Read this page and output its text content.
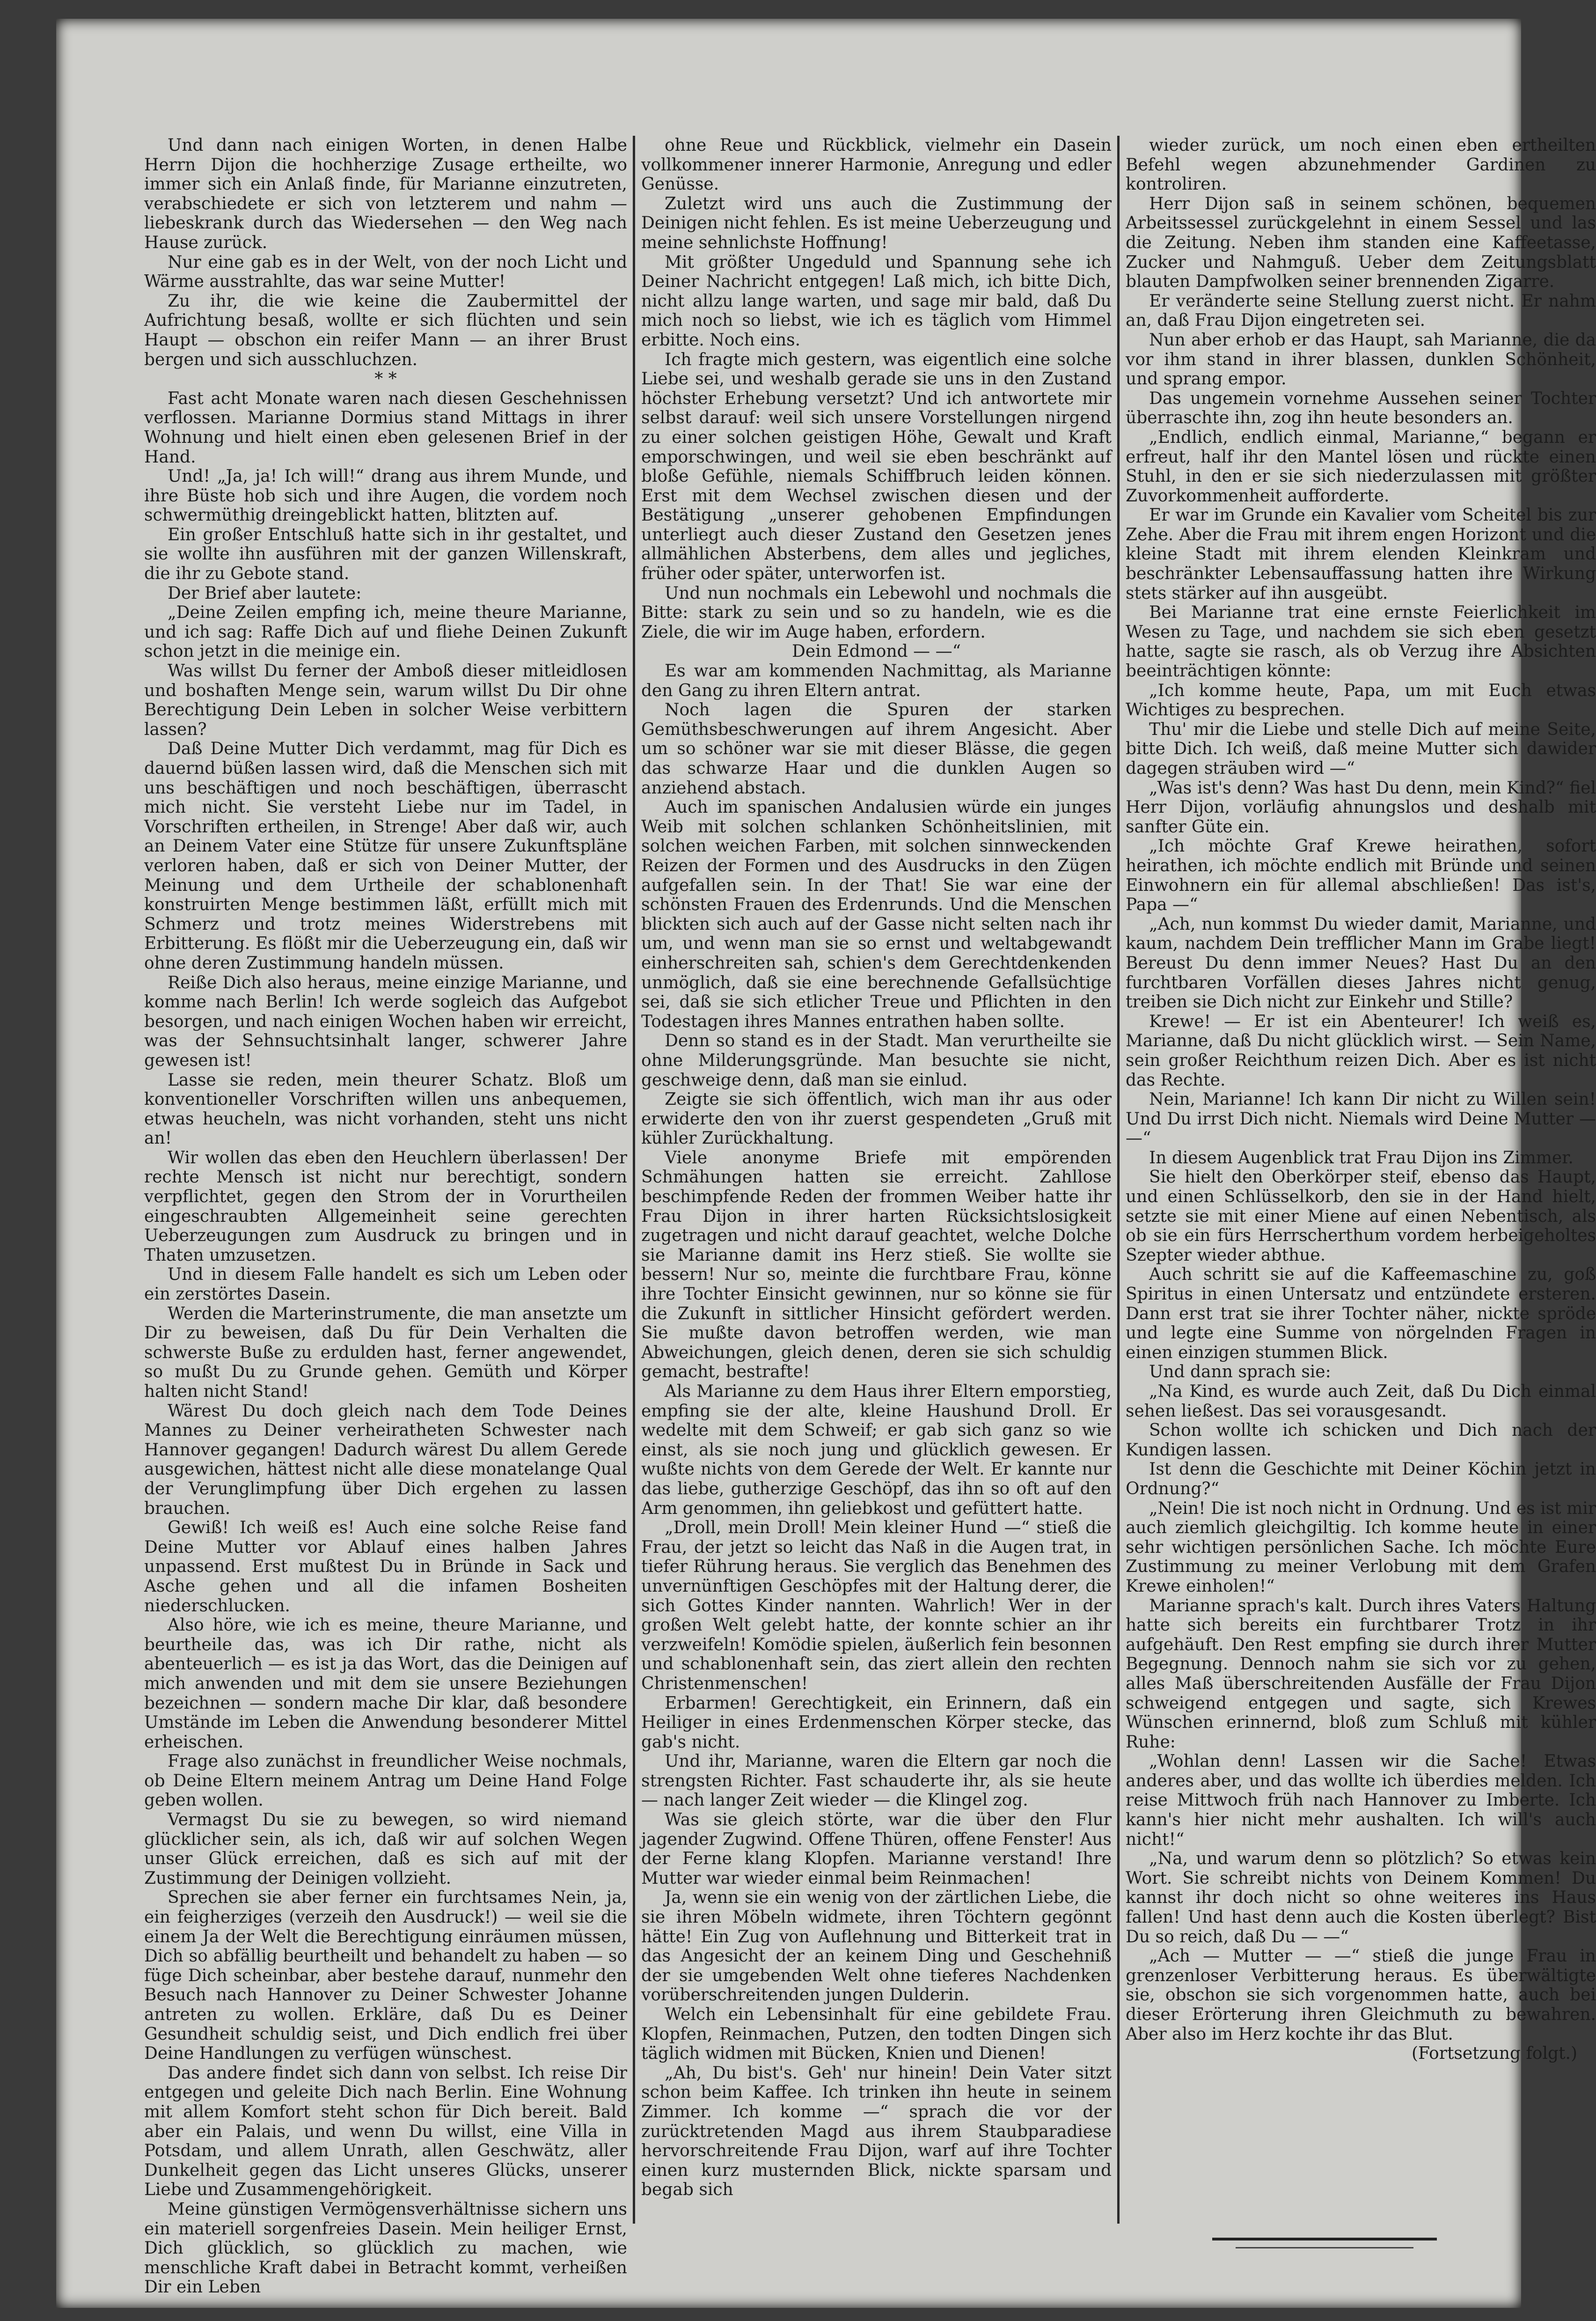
Und dann nach einigen Worten, in denen Halbe Herrn Dijon die hochherzige Zusage ertheilte, wo immer sich ein Anlaß finde, für Marianne einzutreten, verabschiedete er sich von letzterem und nahm — liebeskrank durch das Wiedersehen — den Weg nach Hause zurück.

Nur eine gab es in der Welt, von der noch Licht und Wärme ausstrahlte, das war seine Mutter!

Zu ihr, die wie keine die Zaubermittel der Aufrichtung besaß, wollte er sich flüchten und sein Haupt — obschon ein reifer Mann — an ihrer Brust bergen und sich ausschluchzen.

* *

Fast acht Monate waren nach diesen Geschehnissen verflossen. Marianne Dormius stand Mittags in ihrer Wohnung und hielt einen eben gelesenen Brief in der Hand.

Und! „Ja, ja! Ich will!“ drang aus ihrem Munde, und ihre Büste hob sich und ihre Augen, die vordem noch schwermüthig dreingeblickt hatten, blitzten auf.

Ein großer Entschluß hatte sich in ihr gestaltet, und sie wollte ihn ausführen mit der ganzen Willenskraft, die ihr zu Gebote stand.

Der Brief aber lautete:

„Deine Zeilen empfing ich, meine theure Marianne, und ich sag: Raffe Dich auf und fliehe Deinen Zukunft schon jetzt in die meinige ein.

Was willst Du ferner der Amboß dieser mitleidlosen und boshaften Menge sein, warum willst Du Dir ohne Berechtigung Dein Leben in solcher Weise verbittern lassen?

Daß Deine Mutter Dich verdammt, mag für Dich es dauernd büßen lassen wird, daß die Menschen sich mit uns beschäftigen und noch beschäftigen, überrascht mich nicht. Sie versteht Liebe nur im Tadel, in Vorschriften ertheilen, in Strenge! Aber daß wir, auch an Deinem Vater eine Stütze für unsere Zukunftspläne verloren haben, daß er sich von Deiner Mutter, der Meinung und dem Urtheile der schablonenhaft konstruirten Menge bestimmen läßt, erfüllt mich mit Schmerz und trotz meines Widerstrebens mit Erbitterung. Es flößt mir die Ueberzeugung ein, daß wir ohne deren Zustimmung handeln müssen.

Reiße Dich also heraus, meine einzige Marianne, und komme nach Berlin! Ich werde sogleich das Aufgebot besorgen, und nach einigen Wochen haben wir erreicht, was der Sehnsuchtsinhalt langer, schwerer Jahre gewesen ist!

Lasse sie reden, mein theurer Schatz. Bloß um konventioneller Vorschriften willen uns anbequemen, etwas heucheln, was nicht vorhanden, steht uns nicht an!

Wir wollen das eben den Heuchlern überlassen! Der rechte Mensch ist nicht nur berechtigt, sondern verpflichtet, gegen den Strom der in Vorurtheilen eingeschraubten Allgemeinheit seine gerechten Ueberzeugungen zum Ausdruck zu bringen und in Thaten umzusetzen.

Und in diesem Falle handelt es sich um Leben oder ein zerstörtes Dasein.

Werden die Marterinstrumente, die man ansetzte um Dir zu beweisen, daß Du für Dein Verhalten die schwerste Buße zu erdulden hast, ferner angewendet, so mußt Du zu Grunde gehen. Gemüth und Körper halten nicht Stand!

Wärest Du doch gleich nach dem Tode Deines Mannes zu Deiner verheiratheten Schwester nach Hannover gegangen! Dadurch wärest Du allem Gerede ausgewichen, hättest nicht alle diese monatelange Qual der Verunglimpfung über Dich ergehen zu lassen brauchen.

Gewiß! Ich weiß es! Auch eine solche Reise fand Deine Mutter vor Ablauf eines halben Jahres unpassend. Erst mußtest Du in Bründe in Sack und Asche gehen und all die infamen Bosheiten niederschlucken.

Also höre, wie ich es meine, theure Marianne, und beurtheile das, was ich Dir rathe, nicht als abenteuerlich — es ist ja das Wort, das die Deinigen auf mich anwenden und mit dem sie unsere Beziehungen bezeichnen — sondern mache Dir klar, daß besondere Umstände im Leben die Anwendung besonderer Mittel erheischen.

Frage also zunächst in freundlicher Weise nochmals, ob Deine Eltern meinem Antrag um Deine Hand Folge geben wollen.

Vermagst Du sie zu bewegen, so wird niemand glücklicher sein, als ich, daß wir auf solchen Wegen unser Glück erreichen, daß es sich auf mit der Zustimmung der Deinigen vollzieht.

Sprechen sie aber ferner ein furchtsames Nein, ja, ein feigherziges (verzeih den Ausdruck!) — weil sie die einem Ja der Welt die Berechtigung einräumen müssen, Dich so abfällig beurtheilt und behandelt zu haben — so füge Dich scheinbar, aber bestehe darauf, nunmehr den Besuch nach Hannover zu Deiner Schwester Johanne antreten zu wollen. Erkläre, daß Du es Deiner Gesundheit schuldig seist, und Dich endlich frei über Deine Handlungen zu verfügen wünschest.

Das andere findet sich dann von selbst. Ich reise Dir entgegen und geleite Dich nach Berlin. Eine Wohnung mit allem Komfort steht schon für Dich bereit. Bald aber ein Palais, und wenn Du willst, eine Villa in Potsdam, und allem Unrath, allen Geschwätz, aller Dunkelheit gegen das Licht unseres Glücks, unserer Liebe und Zusammengehörigkeit.

Meine günstigen Vermögensverhältnisse sichern uns ein materiell sorgenfreies Dasein. Mein heiliger Ernst, Dich glücklich, so glücklich zu machen, wie menschliche Kraft dabei in Betracht kommt, verheißen Dir ein Leben

ohne Reue und Rückblick, vielmehr ein Dasein vollkommener innerer Harmonie, Anregung und edler Genüsse.

Zuletzt wird uns auch die Zustimmung der Deinigen nicht fehlen. Es ist meine Ueberzeugung und meine sehnlichste Hoffnung!

Mit größter Ungeduld und Spannung sehe ich Deiner Nachricht entgegen! Laß mich, ich bitte Dich, nicht allzu lange warten, und sage mir bald, daß Du mich noch so liebst, wie ich es täglich vom Himmel erbitte. Noch eins.

Ich fragte mich gestern, was eigentlich eine solche Liebe sei, und weshalb gerade sie uns in den Zustand höchster Erhebung versetzt? Und ich antwortete mir selbst darauf: weil sich unsere Vorstellungen nirgend zu einer solchen geistigen Höhe, Gewalt und Kraft emporschwingen, und weil sie eben beschränkt auf bloße Gefühle, niemals Schiffbruch leiden können. Erst mit dem Wechsel zwischen diesen und der Bestätigung „unserer gehobenen Empfindungen unterliegt auch dieser Zustand den Gesetzen jenes allmählichen Absterbens, dem alles und jegliches, früher oder später, unterworfen ist.

Und nun nochmals ein Lebewohl und nochmals die Bitte: stark zu sein und so zu handeln, wie es die Ziele, die wir im Auge haben, erfordern.

Dein Edmond — —“

Es war am kommenden Nachmittag, als Marianne den Gang zu ihren Eltern antrat.

Noch lagen die Spuren der starken Gemüthsbeschwerungen auf ihrem Angesicht. Aber um so schöner war sie mit dieser Blässe, die gegen das schwarze Haar und die dunklen Augen so anziehend abstach.

Auch im spanischen Andalusien würde ein junges Weib mit solchen schlanken Schönheitslinien, mit solchen weichen Farben, mit solchen sinnweckenden Reizen der Formen und des Ausdrucks in den Zügen aufgefallen sein. In der That! Sie war eine der schönsten Frauen des Erdenrunds. Und die Menschen blickten sich auch auf der Gasse nicht selten nach ihr um, und wenn man sie so ernst und weltabgewandt einherschreiten sah, schien's dem Gerechtdenkenden unmöglich, daß sie eine berechnende Gefallsüchtige sei, daß sie sich etlicher Treue und Pflichten in den Todestagen ihres Mannes entrathen haben sollte.

Denn so stand es in der Stadt. Man verurtheilte sie ohne Milderungsgründe. Man besuchte sie nicht, geschweige denn, daß man sie einlud.

Zeigte sie sich öffentlich, wich man ihr aus oder erwiderte den von ihr zuerst gespendeten „Gruß mit kühler Zurückhaltung.

Viele anonyme Briefe mit empörenden Schmähungen hatten sie erreicht. Zahllose beschimpfende Reden der frommen Weiber hatte ihr Frau Dijon in ihrer harten Rücksichtslosigkeit zugetragen und nicht darauf geachtet, welche Dolche sie Marianne damit ins Herz stieß. Sie wollte sie bessern! Nur so, meinte die furchtbare Frau, könne ihre Tochter Einsicht gewinnen, nur so könne sie für die Zukunft in sittlicher Hinsicht gefördert werden. Sie mußte davon betroffen werden, wie man Abweichungen, gleich denen, deren sie sich schuldig gemacht, bestrafte!

Als Marianne zu dem Haus ihrer Eltern emporstieg, empfing sie der alte, kleine Haushund Droll. Er wedelte mit dem Schweif; er gab sich ganz so wie einst, als sie noch jung und glücklich gewesen. Er wußte nichts von dem Gerede der Welt. Er kannte nur das liebe, gutherzige Geschöpf, das ihn so oft auf den Arm genommen, ihn geliebkost und gefüttert hatte.

„Droll, mein Droll! Mein kleiner Hund —“ stieß die Frau, der jetzt so leicht das Naß in die Augen trat, in tiefer Rührung heraus. Sie verglich das Benehmen des unvernünftigen Geschöpfes mit der Haltung derer, die sich Gottes Kinder nannten. Wahrlich! Wer in der großen Welt gelebt hatte, der konnte schier an ihr verzweifeln! Komödie spielen, äußerlich fein besonnen und schablonenhaft sein, das ziert allein den rechten Christenmenschen!

Erbarmen! Gerechtigkeit, ein Erinnern, daß ein Heiliger in eines Erdenmenschen Körper stecke, das gab's nicht.

Und ihr, Marianne, waren die Eltern gar noch die strengsten Richter. Fast schauderte ihr, als sie heute — nach langer Zeit wieder — die Klingel zog.

Was sie gleich störte, war die über den Flur jagender Zugwind. Offene Thüren, offene Fenster! Aus der Ferne klang Klopfen. Marianne verstand! Ihre Mutter war wieder einmal beim Reinmachen!

Ja, wenn sie ein wenig von der zärtlichen Liebe, die sie ihren Möbeln widmete, ihren Töchtern gegönnt hätte! Ein Zug von Auflehnung und Bitterkeit trat in das Angesicht der an keinem Ding und Geschehniß der sie umgebenden Welt ohne tieferes Nachdenken vorüberschreitenden jungen Dulderin.

Welch ein Lebensinhalt für eine gebildete Frau. Klopfen, Reinmachen, Putzen, den todten Dingen sich täglich widmen mit Bücken, Knien und Dienen!

„Ah, Du bist's. Geh' nur hinein! Dein Vater sitzt schon beim Kaffee. Ich trinken ihn heute in seinem Zimmer. Ich komme —“ sprach die vor der zurücktretenden Magd aus ihrem Staubparadiese hervorschreitende Frau Dijon, warf auf ihre Tochter einen kurz musternden Blick, nickte sparsam und begab sich

wieder zurück, um noch einen eben ertheilten Befehl wegen abzunehmender Gardinen zu kontroliren.

Herr Dijon saß in seinem schönen, bequemen Arbeitssessel zurückgelehnt in einem Sessel und las die Zeitung. Neben ihm standen eine Kaffeetasse, Zucker und Nahmguß. Ueber dem Zeitungsblatt blauten Dampfwolken seiner brennenden Zigarre.

Er veränderte seine Stellung zuerst nicht. Er nahm an, daß Frau Dijon eingetreten sei.

Nun aber erhob er das Haupt, sah Marianne, die da vor ihm stand in ihrer blassen, dunklen Schönheit, und sprang empor.

Das ungemein vornehme Aussehen seiner Tochter überraschte ihn, zog ihn heute besonders an.

„Endlich, endlich einmal, Marianne,“ begann er erfreut, half ihr den Mantel lösen und rückte einen Stuhl, in den er sie sich niederzulassen mit größter Zuvorkommenheit aufforderte.

Er war im Grunde ein Kavalier vom Scheitel bis zur Zehe. Aber die Frau mit ihrem engen Horizont und die kleine Stadt mit ihrem elenden Kleinkram und beschränkter Lebensauffassung hatten ihre Wirkung stets stärker auf ihn ausgeübt.

Bei Marianne trat eine ernste Feierlichkeit im Wesen zu Tage, und nachdem sie sich eben gesetzt hatte, sagte sie rasch, als ob Verzug ihre Absichten beeinträchtigen könnte:

„Ich komme heute, Papa, um mit Euch etwas Wichtiges zu besprechen.

Thu' mir die Liebe und stelle Dich auf meine Seite, bitte Dich. Ich weiß, daß meine Mutter sich dawider dagegen sträuben wird —“

„Was ist's denn? Was hast Du denn, mein Kind?“ fiel Herr Dijon, vorläufig ahnungslos und deshalb mit sanfter Güte ein.

„Ich möchte Graf Krewe heirathen, sofort heirathen, ich möchte endlich mit Bründe und seinen Einwohnern ein für allemal abschließen! Das ist's, Papa —“

„Ach, nun kommst Du wieder damit, Marianne, und kaum, nachdem Dein trefflicher Mann im Grabe liegt! Bereust Du denn immer Neues? Hast Du an den furchtbaren Vorfällen dieses Jahres nicht genug, treiben sie Dich nicht zur Einkehr und Stille?

Krewe! — Er ist ein Abenteurer! Ich weiß es, Marianne, daß Du nicht glücklich wirst. — Sein Name, sein großer Reichthum reizen Dich. Aber es ist nicht das Rechte.

Nein, Marianne! Ich kann Dir nicht zu Willen sein! Und Du irrst Dich nicht. Niemals wird Deine Mutter — —“

In diesem Augenblick trat Frau Dijon ins Zimmer.

Sie hielt den Oberkörper steif, ebenso das Haupt, und einen Schlüsselkorb, den sie in der Hand hielt, setzte sie mit einer Miene auf einen Nebentisch, als ob sie ein fürs Herrscherthum vordem herbeigeholtes Szepter wieder abthue.

Auch schritt sie auf die Kaffeemaschine zu, goß Spiritus in einen Untersatz und entzündete ersteren. Dann erst trat sie ihrer Tochter näher, nickte spröde und legte eine Summe von nörgelnden Fragen in einen einzigen stummen Blick.

Und dann sprach sie:

„Na Kind, es wurde auch Zeit, daß Du Dich einmal sehen ließest. Das sei vorausgesandt.

Schon wollte ich schicken und Dich nach der Kundigen lassen.

Ist denn die Geschichte mit Deiner Köchin jetzt in Ordnung?“

„Nein! Die ist noch nicht in Ordnung. Und es ist mir auch ziemlich gleichgiltig. Ich komme heute in einer sehr wichtigen persönlichen Sache. Ich möchte Eure Zustimmung zu meiner Verlobung mit dem Grafen Krewe einholen!“

Marianne sprach's kalt. Durch ihres Vaters Haltung hatte sich bereits ein furchtbarer Trotz in ihr aufgehäuft. Den Rest empfing sie durch ihrer Mutter Begegnung. Dennoch nahm sie sich vor zu gehen, alles Maß überschreitenden Ausfälle der Frau Dijon schweigend entgegen und sagte, sich Krewes Wünschen erinnernd, bloß zum Schluß mit kühler Ruhe:

„Wohlan denn! Lassen wir die Sache! Etwas anderes aber, und das wollte ich überdies melden. Ich reise Mittwoch früh nach Hannover zu Imberte. Ich kann's hier nicht mehr aushalten. Ich will's auch nicht!“

„Na, und warum denn so plötzlich? So etwas kein Wort. Sie schreibt nichts von Deinem Kommen! Du kannst ihr doch nicht so ohne weiteres ins Haus fallen! Und hast denn auch die Kosten überlegt? Bist Du so reich, daß Du — —“

„Ach — Mutter — —“ stieß die junge Frau in grenzenloser Verbitterung heraus. Es überwältigte sie, obschon sie sich vorgenommen hatte, auch bei dieser Erörterung ihren Gleichmuth zu bewahren. Aber also im Herz kochte ihr das Blut.

(Fortsetzung folgt.)
